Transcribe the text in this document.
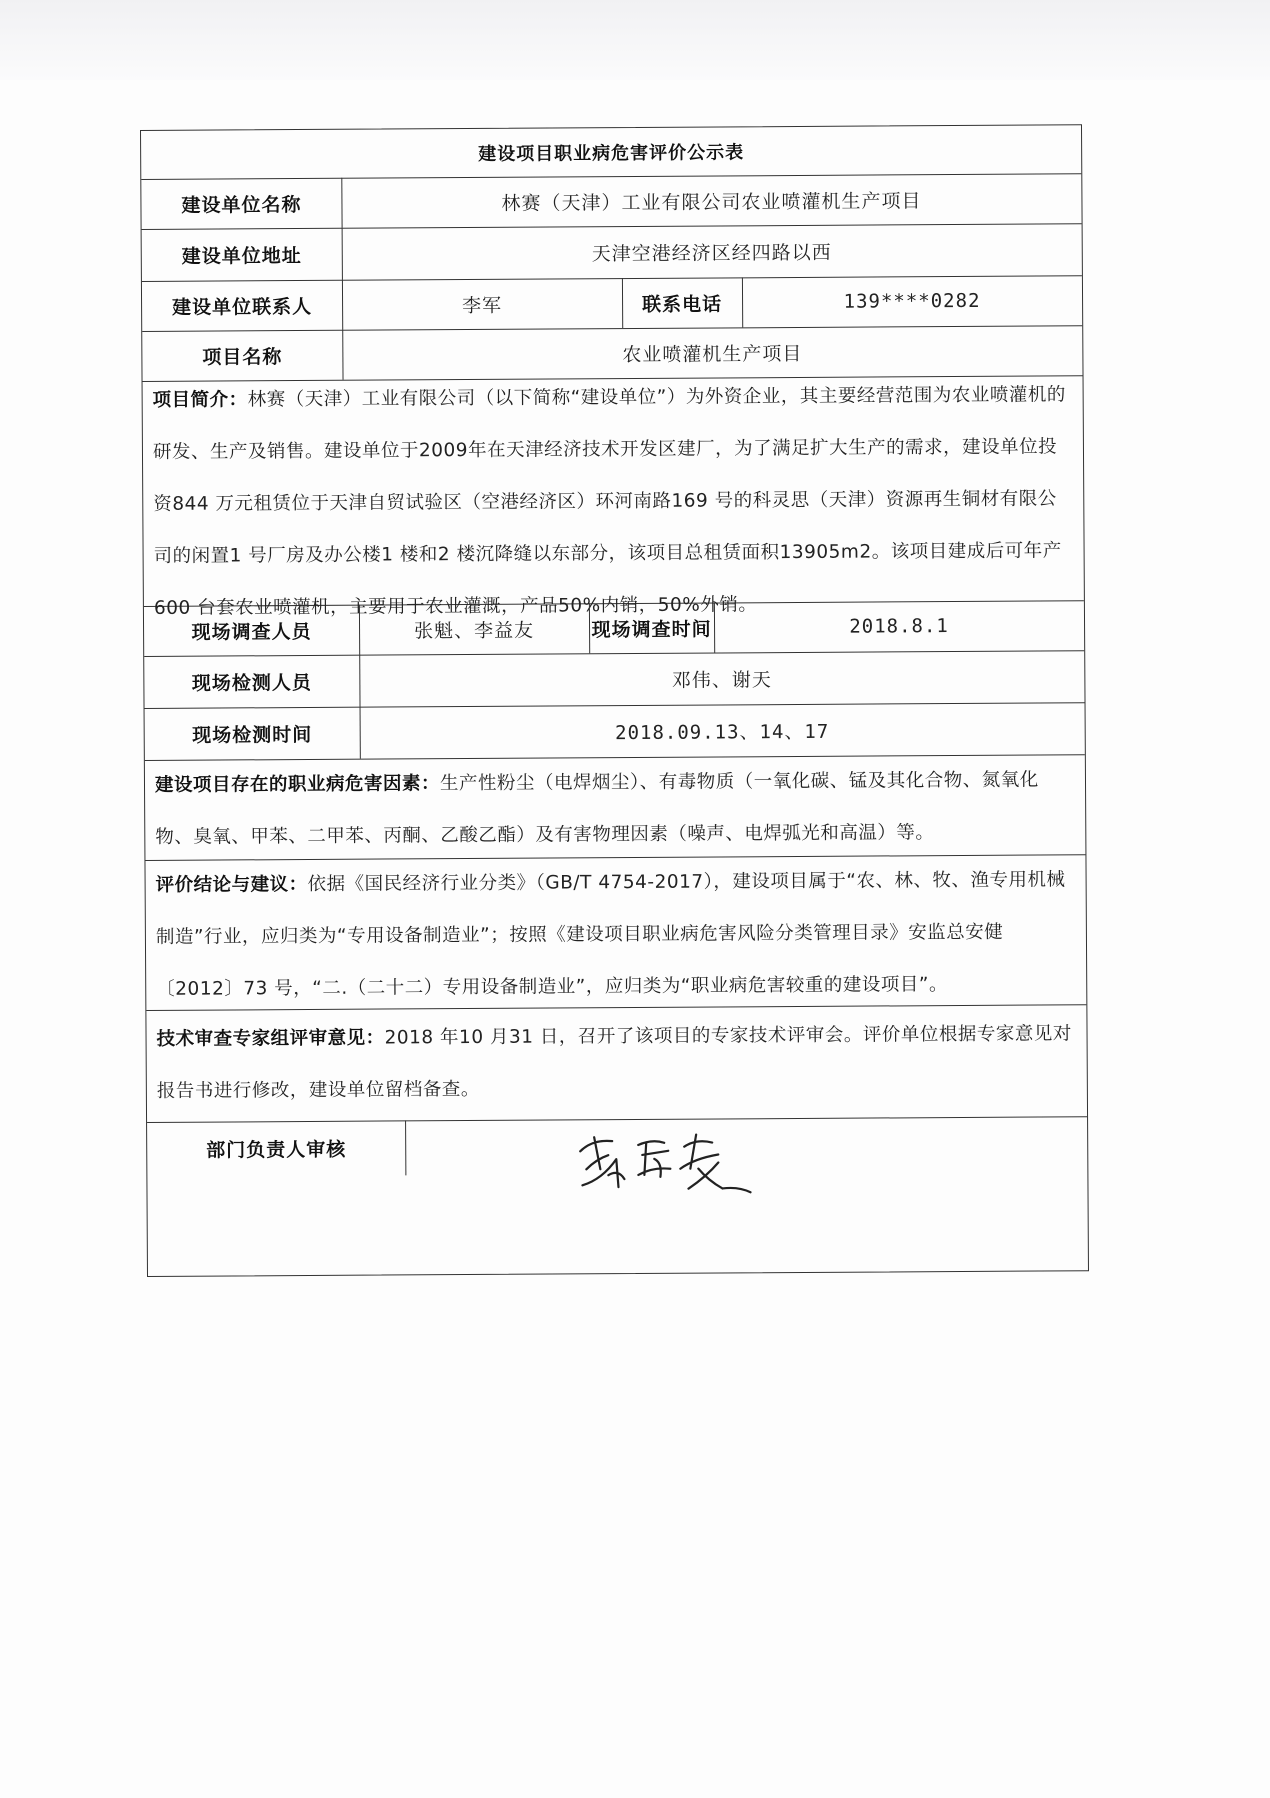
建设项目职业病危害评价公示表
建设单位名称	林赛（天津）工业有限公司农业喷灌机生产项目
建设单位地址	天津空港经济区经四路以西
建设单位联系人	李军	联系电话	139****0282
项目名称	农业喷灌机生产项目
项目简介：林赛（天津）工业有限公司（以下简称“建设单位”）为外资企业，其主要经营范围为农业喷灌机的研发、生产及销售。建设单位于2009年在天津经济技术开发区建厂，为了满足扩大生产的需求，建设单位投资844 万元租赁位于天津自贸试验区（空港经济区）环河南路169 号的科灵思（天津）资源再生铜材有限公司的闲置1 号厂房及办公楼1 楼和2 楼沉降缝以东部分，该项目总租赁面积13905m2。该项目建成后可年产 600 台套农业喷灌机，主要用于农业灌溉，产品50%内销，50%外销。
现场调查人员	张魁、李益友	现场调查时间	2018.8.1
现场检测人员	邓伟、谢天
现场检测时间	2018.09.13、14、17
建设项目存在的职业病危害因素：生产性粉尘（电焊烟尘）、有毒物质（一氧化碳、锰及其化合物、氮氧化物、臭氧、甲苯、二甲苯、丙酮、乙酸乙酯）及有害物理因素（噪声、电焊弧光和高温）等。
评价结论与建议：依据《国民经济行业分类》（GB/T 4754-2017），建设项目属于“农、林、牧、渔专用机械制造”行业，应归类为“专用设备制造业”；按照《建设项目职业病危害风险分类管理目录》安监总安健〔2012〕73 号，“二.（二十二）专用设备制造业”，应归类为“职业病危害较重的建设项目”。
技术审查专家组评审意见：2018 年10 月31 日，召开了该项目的专家技术评审会。评价单位根据专家意见对报告书进行修改，建设单位留档备查。
部门负责人审核
